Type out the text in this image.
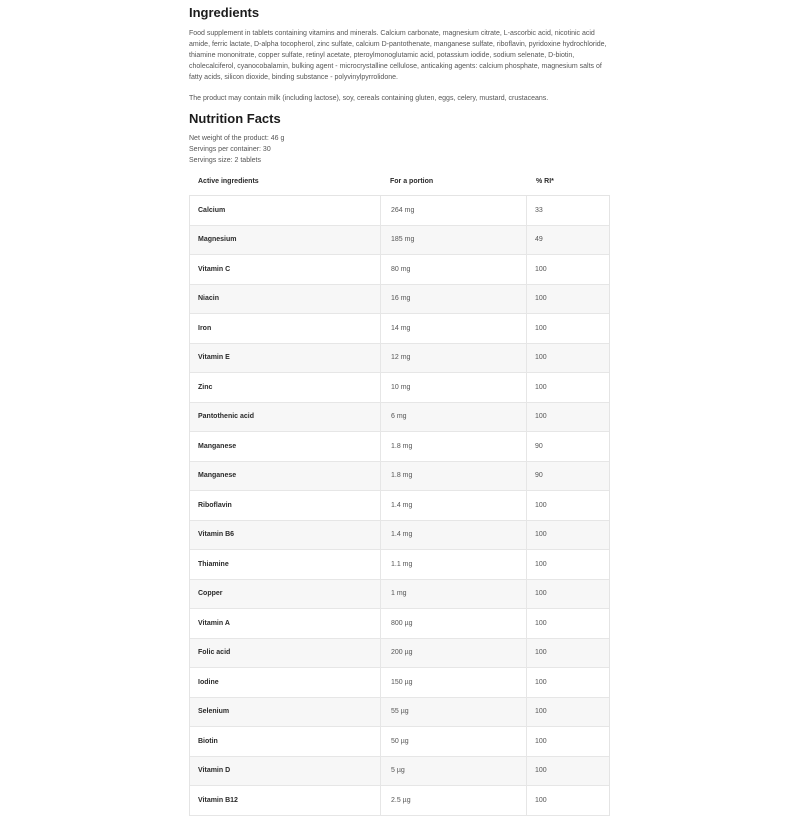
Ingredients

Food supplement in tablets containing vitamins and minerals. Calcium carbonate, magnesium citrate, L-ascorbic acid, nicotinic acid amide, ferric lactate, D-alpha tocopherol, zinc sulfate, calcium D-pantothenate, manganese sulfate, riboflavin, pyridoxine hydrochloride, thiamine mononitrate, copper sulfate, retinyl acetate, pteroylmonoglutamic acid, potassium iodide, sodium selenate, D-biotin, cholecalciferol, cyanocobalamin, bulking agent - microcrystalline cellulose, anticaking agents: calcium phosphate, magnesium salts of fatty acids, silicon dioxide, binding substance - polyvinylpyrrolidone.

The product may contain milk (including lactose), soy, cereals containing gluten, eggs, celery, mustard, crustaceans.

Nutrition Facts
Net weight of the product: 46 g
Servings per container: 30
Servings size: 2 tablets
Active ingredients	For a portion	% RI*
Calcium	264 mg	33
Magnesium	185 mg	49
Vitamin C	80 mg	100
Niacin	16 mg	100
Iron	14 mg	100
Vitamin E	12 mg	100
Zinc	10 mg	100
Pantothenic acid	6 mg	100
Manganese	1.8 mg	90
Manganese	1.8 mg	90
Riboflavin	1.4 mg	100
Vitamin B6	1.4 mg	100
Thiamine	1.1 mg	100
Copper	1 mg	100
Vitamin A	800 µg	100
Folic acid	200 µg	100
Iodine	150 µg	100
Selenium	55 µg	100
Biotin	50 µg	100
Vitamin D	5 µg	100
Vitamin B12	2.5 µg	100
